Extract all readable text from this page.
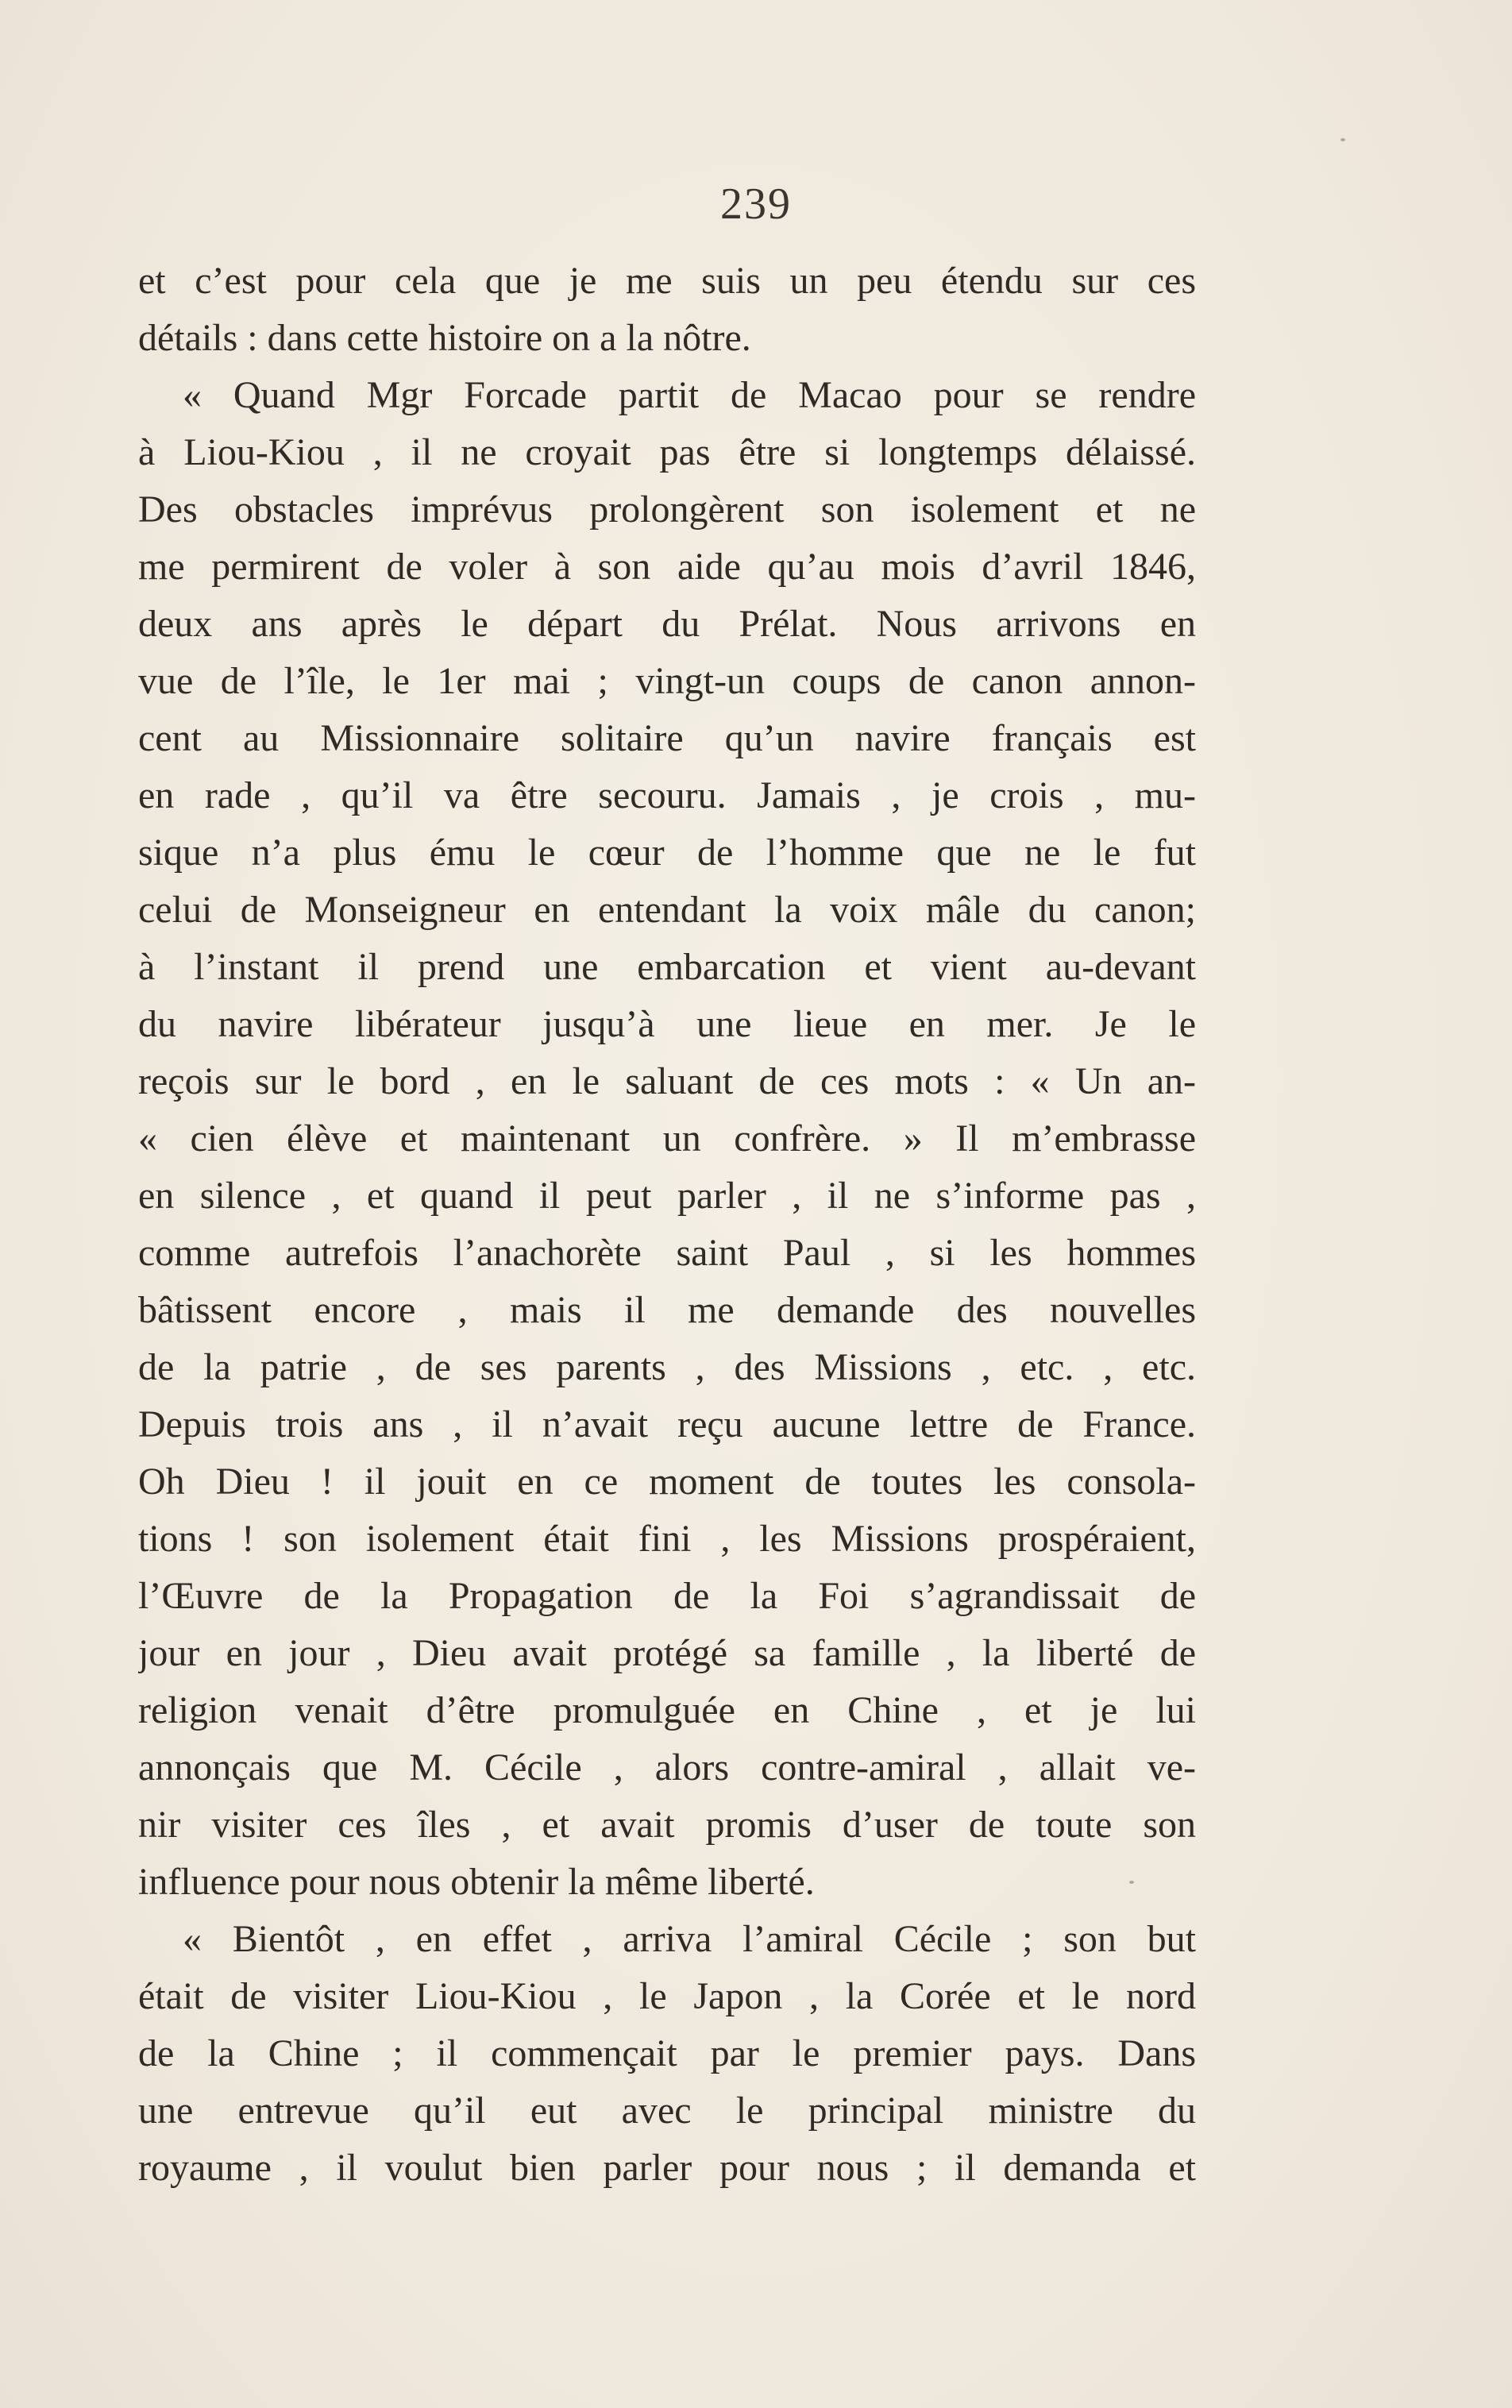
239
et c’est pour cela que je me suis un peu étendu sur ces
détails : dans cette histoire on a la nôtre.
« Quand Mgr Forcade partit de Macao pour se rendre
à Liou-Kiou , il ne croyait pas être si longtemps délaissé.
Des obstacles imprévus prolongèrent son isolement et ne
me permirent de voler à son aide qu’au mois d’avril 1846,
deux ans après le départ du Prélat. Nous arrivons en
vue de l’île, le 1er mai ; vingt-un coups de canon annon-
cent au Missionnaire solitaire qu’un navire français est
en rade , qu’il va être secouru. Jamais , je crois , mu-
sique n’a plus ému le cœur de l’homme que ne le fut
celui de Monseigneur en entendant la voix mâle du canon;
à l’instant il prend une embarcation et vient au-devant
du navire libérateur jusqu’à une lieue en mer. Je le
reçois sur le bord , en le saluant de ces mots : « Un an-
« cien élève et maintenant un confrère. » Il m’embrasse
en silence , et quand il peut parler , il ne s’informe pas ,
comme autrefois l’anachorète saint Paul , si les hommes
bâtissent encore , mais il me demande des nouvelles
de la patrie , de ses parents , des Missions , etc. , etc.
Depuis trois ans , il n’avait reçu aucune lettre de France.
Oh Dieu ! il jouit en ce moment de toutes les consola-
tions ! son isolement était fini , les Missions prospéraient,
l’Œuvre de la Propagation de la Foi s’agrandissait de
jour en jour , Dieu avait protégé sa famille , la liberté de
religion venait d’être promulguée en Chine , et je lui
annonçais que M. Cécile , alors contre-amiral , allait ve-
nir visiter ces îles , et avait promis d’user de toute son
influence pour nous obtenir la même liberté.
« Bientôt , en effet , arriva l’amiral Cécile ; son but
était de visiter Liou-Kiou , le Japon , la Corée et le nord
de la Chine ; il commençait par le premier pays. Dans
une entrevue qu’il eut avec le principal ministre du
royaume , il voulut bien parler pour nous ; il demanda et
